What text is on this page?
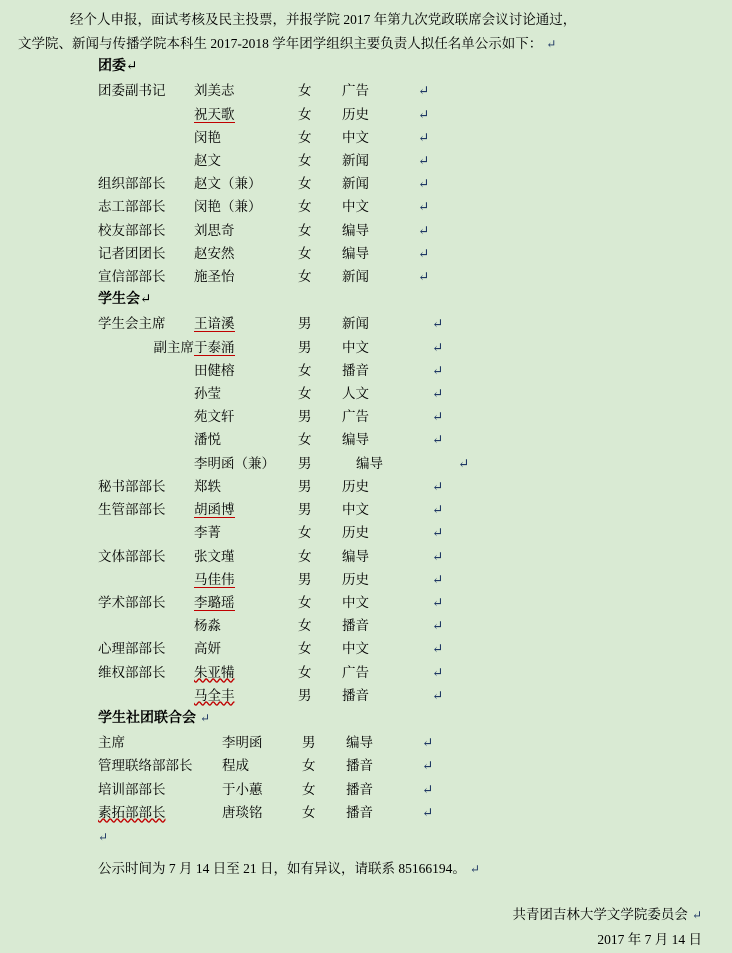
经个人申报，面试考核及民主投票，并报学院 2017 年第九次党政联席会议讨论通过，
文学院、新闻与传播学院本科生 2017-2018 学年团学组织主要负责人拟任名单公示如下： ↵

团委↵
团委副书记	刘美志	女	广告	↵
	祝天歌	女	历史	↵
	闵艳	女	中文	↵
	赵文	女	新闻	↵
组织部部长	赵文（兼）	女	新闻	↵
志工部部长	闵艳（兼）	女	中文	↵
校友部部长	刘思奇	女	编导	↵
记者团团长	赵安然	女	编导	↵
宣信部部长	施圣怡	女	新闻	↵
学生会↵
学生会主席	王谙溪	男	新闻	↵
副主席	于泰涌	男	中文	↵
	田健榕	女	播音	↵
	孙莹	女	人文	↵
	苑文轩	男	广告	↵
	潘悦	女	编导	↵
	李明函（兼）	男	编导	↵
秘书部部长	郑轶	男	历史	↵
生管部部长	胡函博	男	中文	↵
	李菁	女	历史	↵
文体部部长	张文瑾	女	编导	↵
	马佳伟	男	历史	↵
学术部部长	李璐瑶	女	中文	↵
	杨淼	女	播音	↵
心理部部长	高妍	女	中文	↵
维权部部长	朱亚犕	女	广告	↵
	马全丰	男	播音	↵
学生社团联合会 ↵
主席	李明函	男	编导	↵
管理联络部部长	程成	女	播音	↵
培训部部长	于小蕙	女	播音	↵
素拓部部长	唐琰铭	女	播音	↵
↵
公示时间为 7 月 14 日至 21 日，如有异议，请联系 85166194。 ↵
共青团吉林大学文学院委员会 ↵
2017 年 7 月 14 日
